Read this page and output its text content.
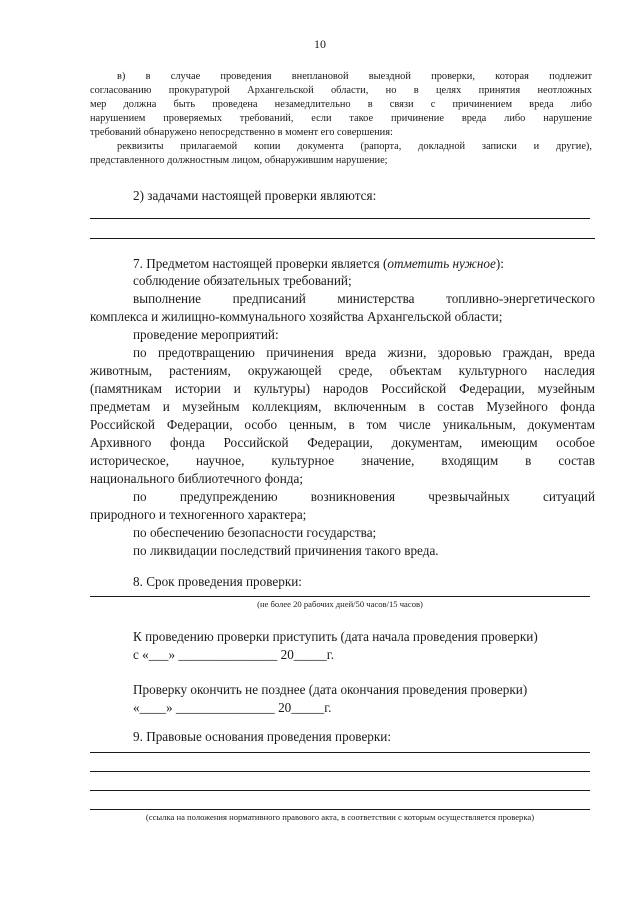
10
в) в случае проведения внеплановой выездной проверки, которая подлежит
согласованию прокуратурой Архангельской области, но в целях принятия неотложных
мер должна быть проведена незамедлительно в связи с причинением вреда либо
нарушением проверяемых требований, если такое причинение вреда либо нарушение
требований обнаружено непосредственно в момент его совершения:
реквизиты прилагаемой копии документа (рапорта, докладной записки и другие),
представленного должностным лицом, обнаружившим нарушение;
2) задачами настоящей проверки являются:
7. Предметом настоящей проверки является (отметить нужное):
соблюдение обязательных требований;
выполнение предписаний министерства топливно-энергетического
комплекса и жилищно-коммунального хозяйства Архангельской области;
проведение мероприятий:
по предотвращению причинения вреда жизни, здоровью граждан, вреда
животным, растениям, окружающей среде, объектам культурного наследия
(памятникам истории и культуры) народов Российской Федерации, музейным
предметам и музейным коллекциям, включенным в состав Музейного фонда
Российской Федерации, особо ценным, в том числе уникальным, документам
Архивного фонда Российской Федерации, документам, имеющим особое
историческое, научное, культурное значение, входящим в состав
национального библиотечного фонда;
по предупреждению возникновения чрезвычайных ситуаций
природного и техногенного характера;
по обеспечению безопасности государства;
по ликвидации последствий причинения такого вреда.
8. Срок проведения проверки:
(не более 20 рабочих дней/50 часов/15 часов)
К проведению проверки приступить (дата начала проведения проверки)
с «___» _______________ 20_____г.
Проверку окончить не позднее (дата окончания проведения проверки)
«____» _______________ 20_____г.
9. Правовые основания проведения проверки:
(ссылка на положения нормативного правового акта, в соответствии с которым осуществляется проверка)
